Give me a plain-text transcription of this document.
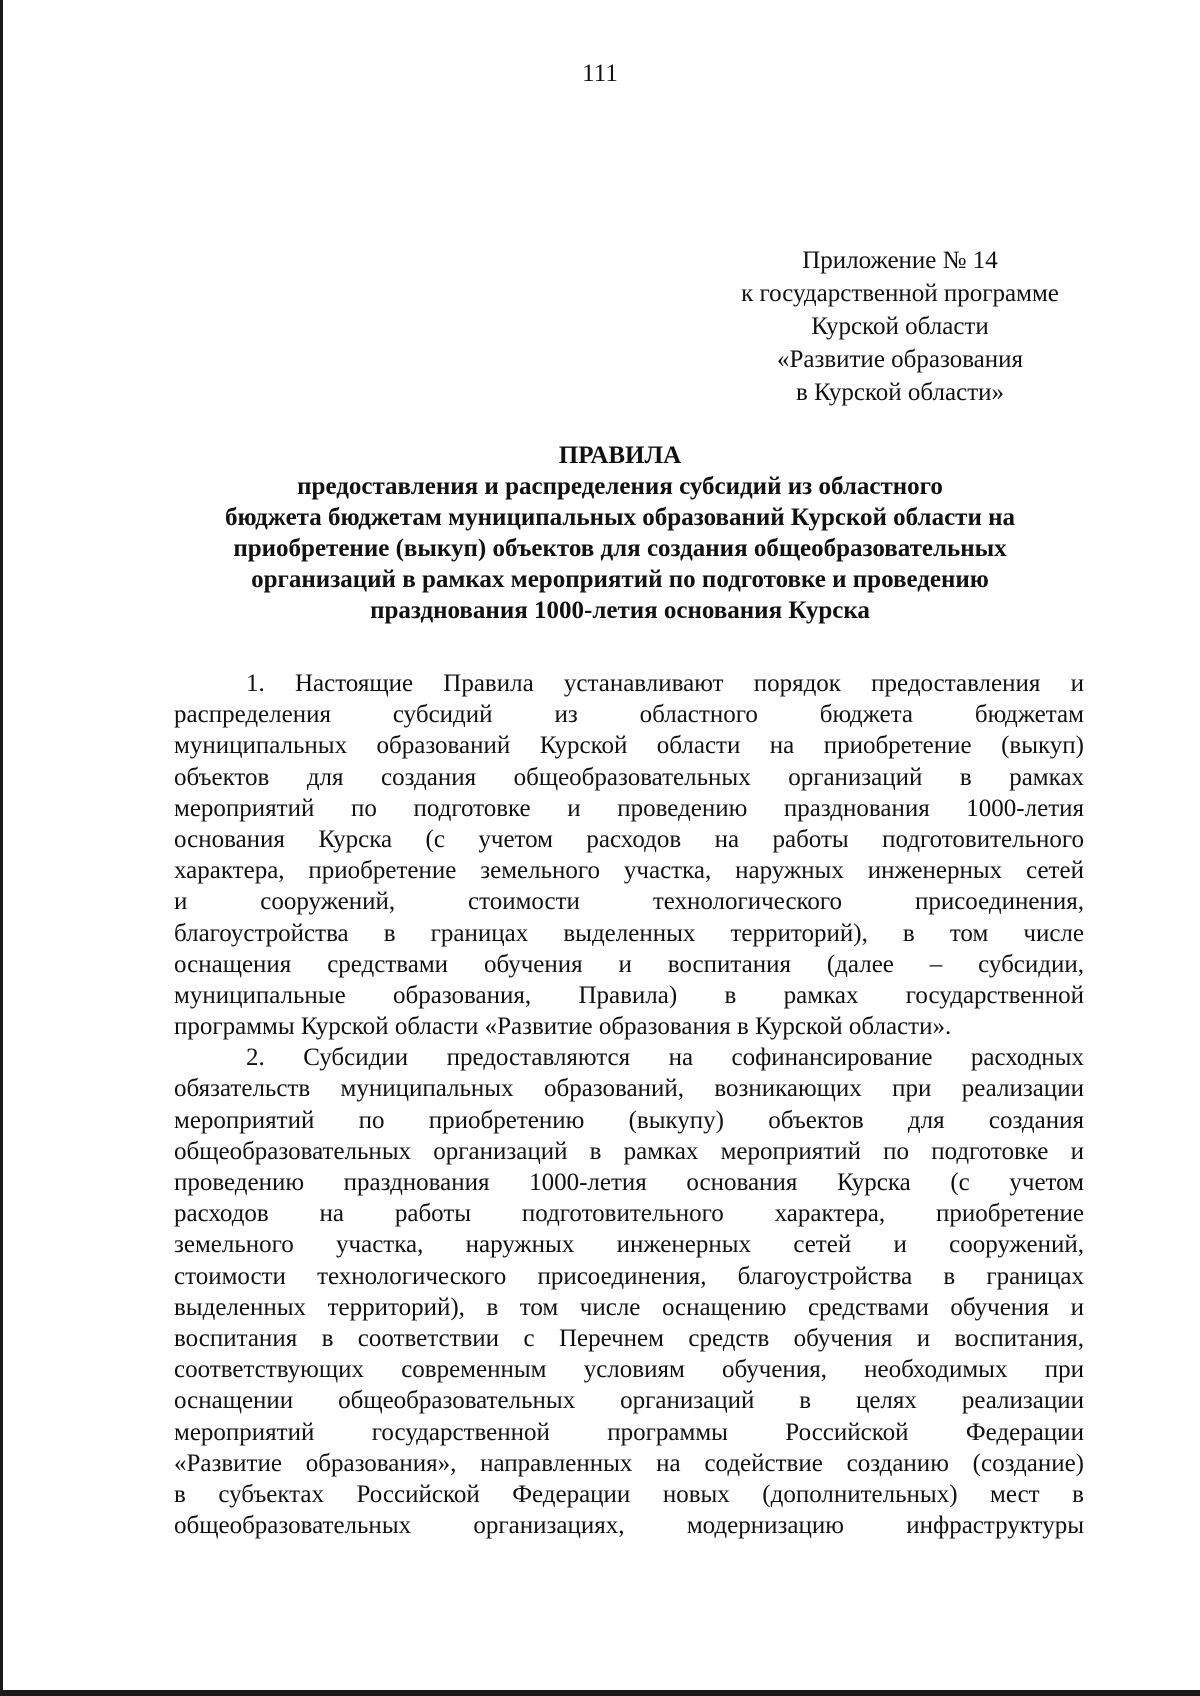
111
Приложение № 14
к государственной программе
Курской области
«Развитие образования
в Курской области»
ПРАВИЛА
предоставления и распределения субсидий из областного
бюджета бюджетам муниципальных образований Курской области на
приобретение (выкуп) объектов для создания общеобразовательных
организаций в рамках мероприятий по подготовке и проведению
празднования 1000-летия основания Курска
1. Настоящие Правила устанавливают порядок предоставления и
распределения субсидий из областного бюджета бюджетам
муниципальных образований Курской области на приобретение (выкуп)
объектов для создания общеобразовательных организаций в рамках
мероприятий по подготовке и проведению празднования 1000-летия
основания Курска (с учетом расходов на работы подготовительного
характера, приобретение земельного участка, наружных инженерных сетей
и	сооружений,	стоимости	технологического	присоединения,
благоустройства в границах выделенных территорий), в том числе
оснащения средствами обучения и воспитания (далее – субсидии,
муниципальные образования, Правила) в рамках государственной
программы Курской области «Развитие образования в Курской области».
2. Субсидии предоставляются на софинансирование расходных
обязательств муниципальных образований, возникающих при реализации
мероприятий по приобретению (выкупу) объектов для создания
общеобразовательных организаций в рамках мероприятий по подготовке и
проведению празднования 1000-летия основания Курска (с учетом
расходов на работы подготовительного характера, приобретение
земельного участка, наружных инженерных сетей и сооружений,
стоимости технологического присоединения, благоустройства в границах
выделенных территорий), в том числе оснащению средствами обучения и
воспитания в соответствии с Перечнем средств обучения и воспитания,
соответствующих современным условиям обучения, необходимых при
оснащении общеобразовательных организаций в целях реализации
мероприятий государственной программы Российской Федерации
«Развитие образования», направленных на содействие созданию (создание)
в субъектах Российской Федерации новых (дополнительных) мест в
общеобразовательных организациях, модернизацию инфраструктуры
